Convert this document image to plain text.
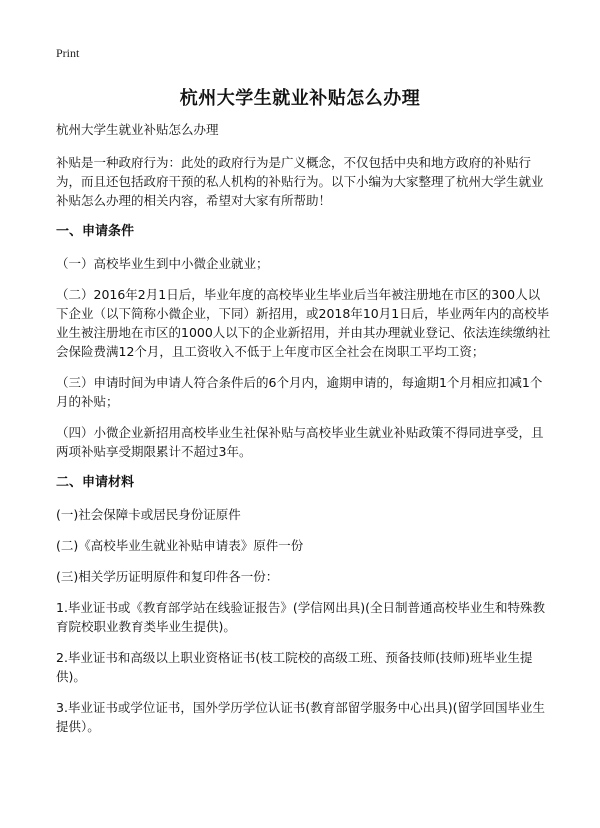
Print
杭州大学生就业补贴怎么办理

杭州大学生就业补贴怎么办理

补贴是一种政府行为：此处的政府行为是广义概念，不仅包括中央和地方政府的补贴行为，而且还包括政府干预的私人机构的补贴行为。以下小编为大家整理了杭州大学生就业补贴怎么办理的相关内容，希望对大家有所帮助！

一、申请条件

（一）高校毕业生到中小微企业就业；

（二）2016年2月1日后，毕业年度的高校毕业生毕业后当年被注册地在市区的300人以下企业（以下简称小微企业，下同）新招用，或2018年10月1日后，毕业两年内的高校毕业生被注册地在市区的1000人以下的企业新招用，并由其办理就业登记、依法连续缴纳社会保险费满12个月，且工资收入不低于上年度市区全社会在岗职工平均工资；

（三）申请时间为申请人符合条件后的6个月内，逾期申请的，每逾期1个月相应扣减1个月的补贴；

（四）小微企业新招用高校毕业生社保补贴与高校毕业生就业补贴政策不得同进享受，且两项补贴享受期限累计不超过3年。

二、申请材料

(一)社会保障卡或居民身份证原件

(二)《高校毕业生就业补贴申请表》原件一份

(三)相关学历证明原件和复印件各一份：

1.毕业证书或《教育部学站在线验证报告》(学信网出具)(全日制普通高校毕业生和特殊教育院校职业教育类毕业生提供)。

2.毕业证书和高级以上职业资格证书(枝工院校的高级工班、预备技师(技师)班毕业生提供)。

3.毕业证书或学位证书，国外学历学位认证书(教育部留学服务中心出具)(留学回国毕业生提供）。
